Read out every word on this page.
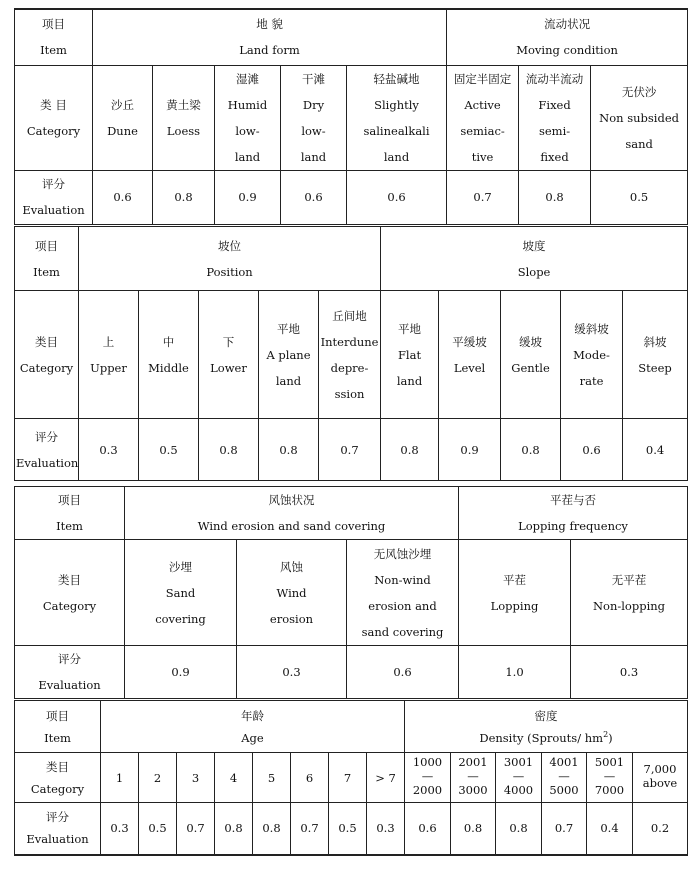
项目
Item	地 貌
Land form					流动状况
Moving condition		

类 目
Category	沙丘
Dune	黄土梁
Loess	湿滩
Humid
low-
land	干滩
Dry
low-
land	轻盐碱地
Slightly
salinealkali
land	固定半固定
Active
semiac-
tive	流动半流动
Fixed
semi-
fixed	无伏沙
Non subsided
sand

评分
Evaluation	0.6	0.8	0.9	0.6	0.6	0.7	0.8	0.5
项目
Item	坡位
Position					坡度
Slope				

类目
Category	上
Upper	中
Middle	下
Lower	平地
A plane
land	丘间地
Interdune
depre-
ssion	平地
Flat
land	平缓坡
Level	缓坡
Gentle	缓斜坡
Mode-
rate	斜坡
Steep

评分
Evaluation	0.3	0.5	0.8	0.8	0.7	0.8	0.9	0.8	0.6	0.4
项目
Item	风蚀状况
Wind erosion and sand covering			平茬与否
Lopping frequency	

类目
Category	沙埋
Sand
covering	风蚀
Wind
erosion	无风蚀沙埋
Non-wind
erosion and
sand covering	平茬
Lopping	无平茬
Non-lopping

评分
Evaluation	0.9	0.3	0.6	1.0	0.3
项目
Item	年龄
Age								密度
Density (Sprouts/ $hm^2$)					

类目
Category	1	2	3	4	5	6	7	> 7	1000
—
2000	2001
—
3000	3001
—
4000	4001
—
5000	5001
—
7000	7,000
above

评分
Evaluation	0.3	0.5	0.7	0.8	0.8	0.7	0.5	0.3	0.6	0.8	0.8	0.7	0.4	0.2
